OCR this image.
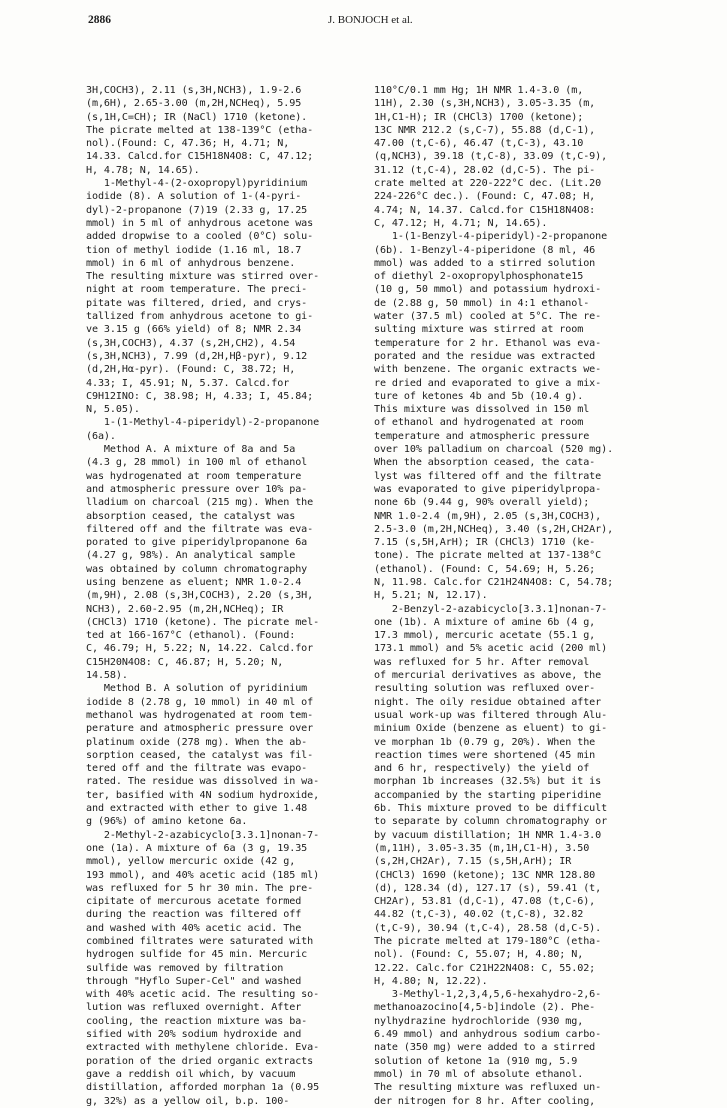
2886	J. BONJOCH et al.
3H,COCH3), 2.11 (s,3H,NCH3), 1.9-2.6
(m,6H), 2.65-3.00 (m,2H,NCHeq), 5.95
(s,1H,C=CH); IR (NaCl) 1710 (ketone).
The picrate melted at 138-139°C (etha-
nol).(Found: C, 47.36; H, 4.71; N,
14.33. Calcd.for C15H18N4O8: C, 47.12;
H, 4.78; N, 14.65).
1-Methyl-4-(2-oxopropyl)pyridinium
iodide (8). A solution of 1-(4-pyri-
dyl)-2-propanone (7)19 (2.33 g, 17.25
mmol) in 5 ml of anhydrous acetone was
added dropwise to a cooled (0°C) solu-
tion of methyl iodide (1.16 ml, 18.7
mmol) in 6 ml of anhydrous benzene.
The resulting mixture was stirred over-
night at room temperature. The preci-
pitate was filtered, dried, and crys-
tallized from anhydrous acetone to gi-
ve 3.15 g (66% yield) of 8; NMR 2.34
(s,3H,COCH3), 4.37 (s,2H,CH2), 4.54
(s,3H,NCH3), 7.99 (d,2H,Hβ-pyr), 9.12
(d,2H,Hα-pyr). (Found: C, 38.72; H,
4.33; I, 45.91; N, 5.37. Calcd.for
C9H12INO: C, 38.98; H, 4.33; I, 45.84;
N, 5.05).
1-(1-Methyl-4-piperidyl)-2-propanone
(6a).
Method A. A mixture of 8a and 5a
(4.3 g, 28 mmol) in 100 ml of ethanol
was hydrogenated at room temperature
and atmospheric pressure over 10% pa-
lladium on charcoal (215 mg). When the
absorption ceased, the catalyst was
filtered off and the filtrate was eva-
porated to give piperidylpropanone 6a
(4.27 g, 98%). An analytical sample
was obtained by column chromatography
using benzene as eluent; NMR 1.0-2.4
(m,9H), 2.08 (s,3H,COCH3), 2.20 (s,3H,
NCH3), 2.60-2.95 (m,2H,NCHeq); IR
(CHCl3) 1710 (ketone). The picrate mel-
ted at 166-167°C (ethanol). (Found:
C, 46.79; H, 5.22; N, 14.22. Calcd.for
C15H20N4O8: C, 46.87; H, 5.20; N,
14.58).
Method B. A solution of pyridinium
iodide 8 (2.78 g, 10 mmol) in 40 ml of
methanol was hydrogenated at room tem-
perature and atmospheric pressure over
platinum oxide (278 mg). When the ab-
sorption ceased, the catalyst was fil-
tered off and the filtrate was evapo-
rated. The residue was dissolved in wa-
ter, basified with 4N sodium hydroxide,
and extracted with ether to give 1.48
g (96%) of amino ketone 6a.
2-Methyl-2-azabicyclo[3.3.1]nonan-7-
one (1a). A mixture of 6a (3 g, 19.35
mmol), yellow mercuric oxide (42 g,
193 mmol), and 40% acetic acid (185 ml)
was refluxed for 5 hr 30 min. The pre-
cipitate of mercurous acetate formed
during the reaction was filtered off
and washed with 40% acetic acid. The
combined filtrates were saturated with
hydrogen sulfide for 45 min. Mercuric
sulfide was removed by filtration
through "Hyflo Super-Cel" and washed
with 40% acetic acid. The resulting so-
lution was refluxed overnight. After
cooling, the reaction mixture was ba-
sified with 20% sodium hydroxide and
extracted with methylene chloride. Eva-
poration of the dried organic extracts
gave a reddish oil which, by vacuum
distillation, afforded morphan 1a (0.95
g, 32%) as a yellow oil, b.p. 100-
110°C/0.1 mm Hg; 1H NMR 1.4-3.0 (m,
11H), 2.30 (s,3H,NCH3), 3.05-3.35 (m,
1H,C1-H); IR (CHCl3) 1700 (ketone);
13C NMR 212.2 (s,C-7), 55.88 (d,C-1),
47.00 (t,C-6), 46.47 (t,C-3), 43.10
(q,NCH3), 39.18 (t,C-8), 33.09 (t,C-9),
31.12 (t,C-4), 28.02 (d,C-5). The pi-
crate melted at 220-222°C dec. (Lit.20
224-226°C dec.). (Found: C, 47.08; H,
4.74; N, 14.37. Calcd.for C15H18N4O8:
C, 47.12; H, 4.71; N, 14.65).
1-(1-Benzyl-4-piperidyl)-2-propanone
(6b). 1-Benzyl-4-piperidone (8 ml, 46
mmol) was added to a stirred solution
of diethyl 2-oxopropylphosphonate15
(10 g, 50 mmol) and potassium hydroxi-
de (2.88 g, 50 mmol) in 4:1 ethanol-
water (37.5 ml) cooled at 5°C. The re-
sulting mixture was stirred at room
temperature for 2 hr. Ethanol was eva-
porated and the residue was extracted
with benzene. The organic extracts we-
re dried and evaporated to give a mix-
ture of ketones 4b and 5b (10.4 g).
This mixture was dissolved in 150 ml
of ethanol and hydrogenated at room
temperature and atmospheric pressure
over 10% palladium on charcoal (520 mg).
When the absorption ceased, the cata-
lyst was filtered off and the filtrate
was evaporated to give piperidylpropa-
none 6b (9.44 g, 90% overall yield);
NMR 1.0-2.4 (m,9H), 2.05 (s,3H,COCH3),
2.5-3.0 (m,2H,NCHeq), 3.40 (s,2H,CH2Ar),
7.15 (s,5H,ArH); IR (CHCl3) 1710 (ke-
tone). The picrate melted at 137-138°C
(ethanol). (Found: C, 54.69; H, 5.26;
N, 11.98. Calc.for C21H24N4O8: C, 54.78;
H, 5.21; N, 12.17).
2-Benzyl-2-azabicyclo[3.3.1]nonan-7-
one (1b). A mixture of amine 6b (4 g,
17.3 mmol), mercuric acetate (55.1 g,
173.1 mmol) and 5% acetic acid (200 ml)
was refluxed for 5 hr. After removal
of mercurial derivatives as above, the
resulting solution was refluxed over-
night. The oily residue obtained after
usual work-up was filtered through Alu-
minium Oxide (benzene as eluent) to gi-
ve morphan 1b (0.79 g, 20%). When the
reaction times were shortened (45 min
and 6 hr, respectively) the yield of
morphan 1b increases (32.5%) but it is
accompanied by the starting piperidine
6b. This mixture proved to be difficult
to separate by column chromatography or
by vacuum distillation; 1H NMR 1.4-3.0
(m,11H), 3.05-3.35 (m,1H,C1-H), 3.50
(s,2H,CH2Ar), 7.15 (s,5H,ArH); IR
(CHCl3) 1690 (ketone); 13C NMR 128.80
(d), 128.34 (d), 127.17 (s), 59.41 (t,
CH2Ar), 53.81 (d,C-1), 47.08 (t,C-6),
44.82 (t,C-3), 40.02 (t,C-8), 32.82
(t,C-9), 30.94 (t,C-4), 28.58 (d,C-5).
The picrate melted at 179-180°C (etha-
nol). (Found: C, 55.07; H, 4.80; N,
12.22. Calc.for C21H22N4O8: C, 55.02;
H, 4.80; N, 12.22).
3-Methyl-1,2,3,4,5,6-hexahydro-2,6-
methanoazocino[4,5-b]indole (2). Phe-
nylhydrazine hydrochloride (930 mg,
6.49 mmol) and anhydrous sodium carbo-
nate (350 mg) were added to a stirred
solution of ketone 1a (910 mg, 5.9
mmol) in 70 ml of absolute ethanol.
The resulting mixture was refluxed un-
der nitrogen for 8 hr. After cooling,
